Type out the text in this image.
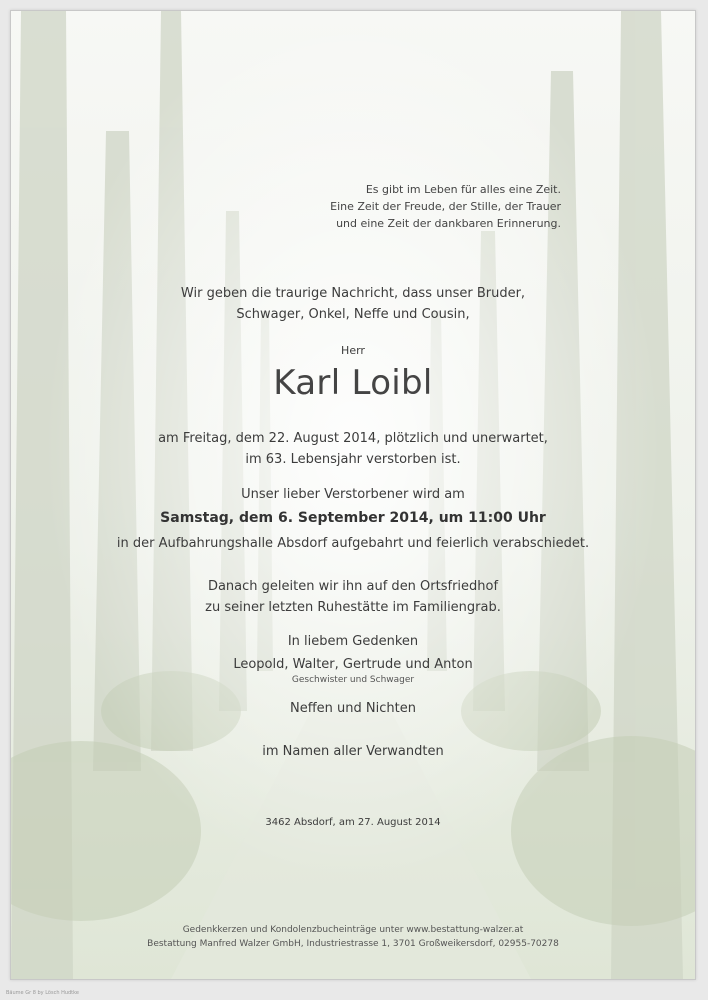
Es gibt im Leben für alles eine Zeit.
Eine Zeit der Freude, der Stille, der Trauer
und eine Zeit der dankbaren Erinnerung.
Wir geben die traurige Nachricht, dass unser Bruder,
Schwager, Onkel, Neffe und Cousin,
Herr
Karl Loibl
am Freitag, dem 22. August 2014, plötzlich und unerwartet,
im 63. Lebensjahr verstorben ist.
Unser lieber Verstorbener wird am
Samstag, dem 6. September 2014, um 11:00 Uhr
in der Aufbahrungshalle Absdorf aufgebahrt und feierlich verabschiedet.
Danach geleiten wir ihn auf den Ortsfriedhof
zu seiner letzten Ruhestätte im Familiengrab.
In liebem Gedenken
Leopold, Walter, Gertrude und Anton
Geschwister und Schwager
Neffen und Nichten
im Namen aller Verwandten
3462 Absdorf, am 27. August 2014
Gedenkkerzen und Kondolenzbucheinträge unter www.bestattung-walzer.at
Bestattung Manfred Walzer GmbH, Industriestrasse 1, 3701 Großweikersdorf, 02955-70278
Bäume Gr 8 by Lösch Hudtke
